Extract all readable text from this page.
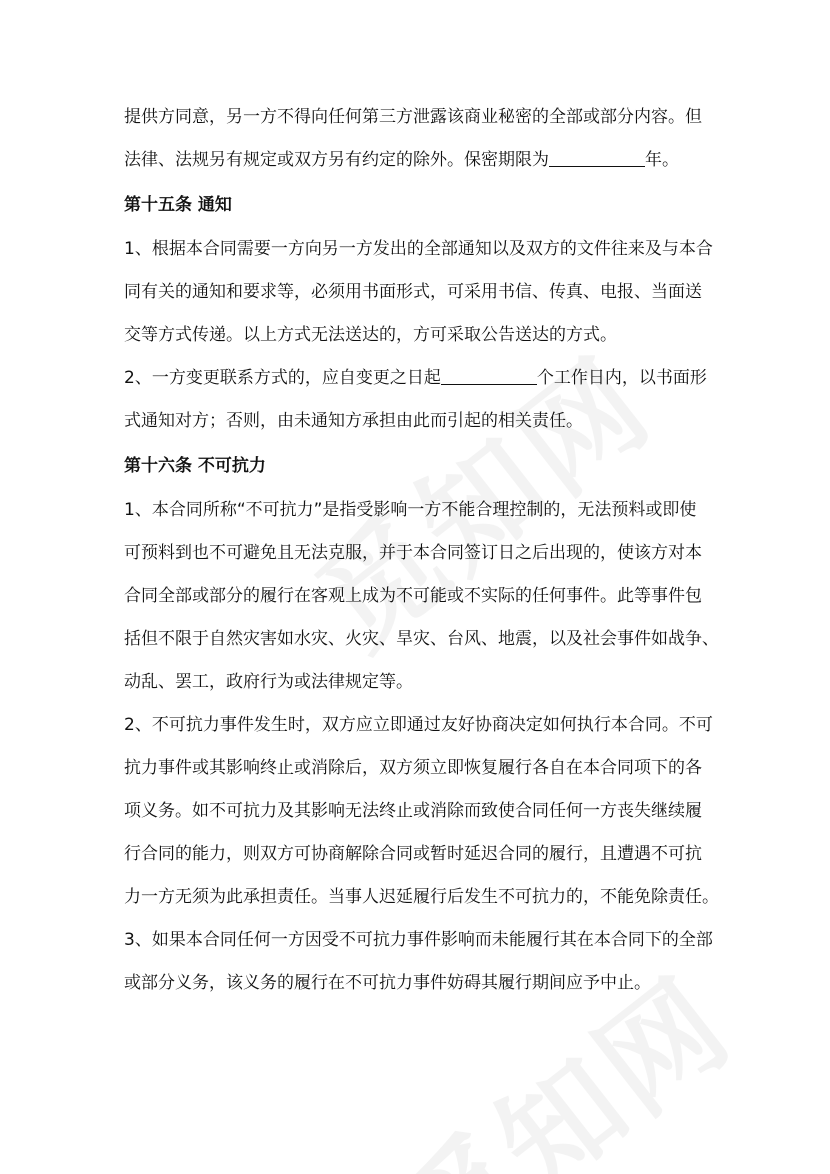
提供方同意，另一方不得向任何第三方泄露该商业秘密的全部或部分内容。但
法律、法规另有规定或双方另有约定的除外。保密期限为	年。

第十五条 通知

1、根据本合同需要一方向另一方发出的全部通知以及双方的文件往来及与本合
同有关的通知和要求等，必须用书面形式，可采用书信、传真、电报、当面送
交等方式传递。以上方式无法送达的，方可采取公告送达的方式。

2、一方变更联系方式的，应自变更之日起	个工作日内，以书面形
式通知对方；否则，由未通知方承担由此而引起的相关责任。

第十六条 不可抗力

1、本合同所称“不可抗力”是指受影响一方不能合理控制的，无法预料或即使
可预料到也不可避免且无法克服，并于本合同签订日之后出现的，使该方对本
合同全部或部分的履行在客观上成为不可能或不实际的任何事件。此等事件包
括但不限于自然灾害如水灾、火灾、旱灾、台风、地震，以及社会事件如战争、
动乱、罢工，政府行为或法律规定等。

2、不可抗力事件发生时，双方应立即通过友好协商决定如何执行本合同。不可
抗力事件或其影响终止或消除后，双方须立即恢复履行各自在本合同项下的各
项义务。如不可抗力及其影响无法终止或消除而致使合同任何一方丧失继续履
行合同的能力，则双方可协商解除合同或暂时延迟合同的履行，且遭遇不可抗
力一方无须为此承担责任。当事人迟延履行后发生不可抗力的，不能免除责任。

3、如果本合同任何一方因受不可抗力事件影响而未能履行其在本合同下的全部
或部分义务，该义务的履行在不可抗力事件妨碍其履行期间应予中止。
